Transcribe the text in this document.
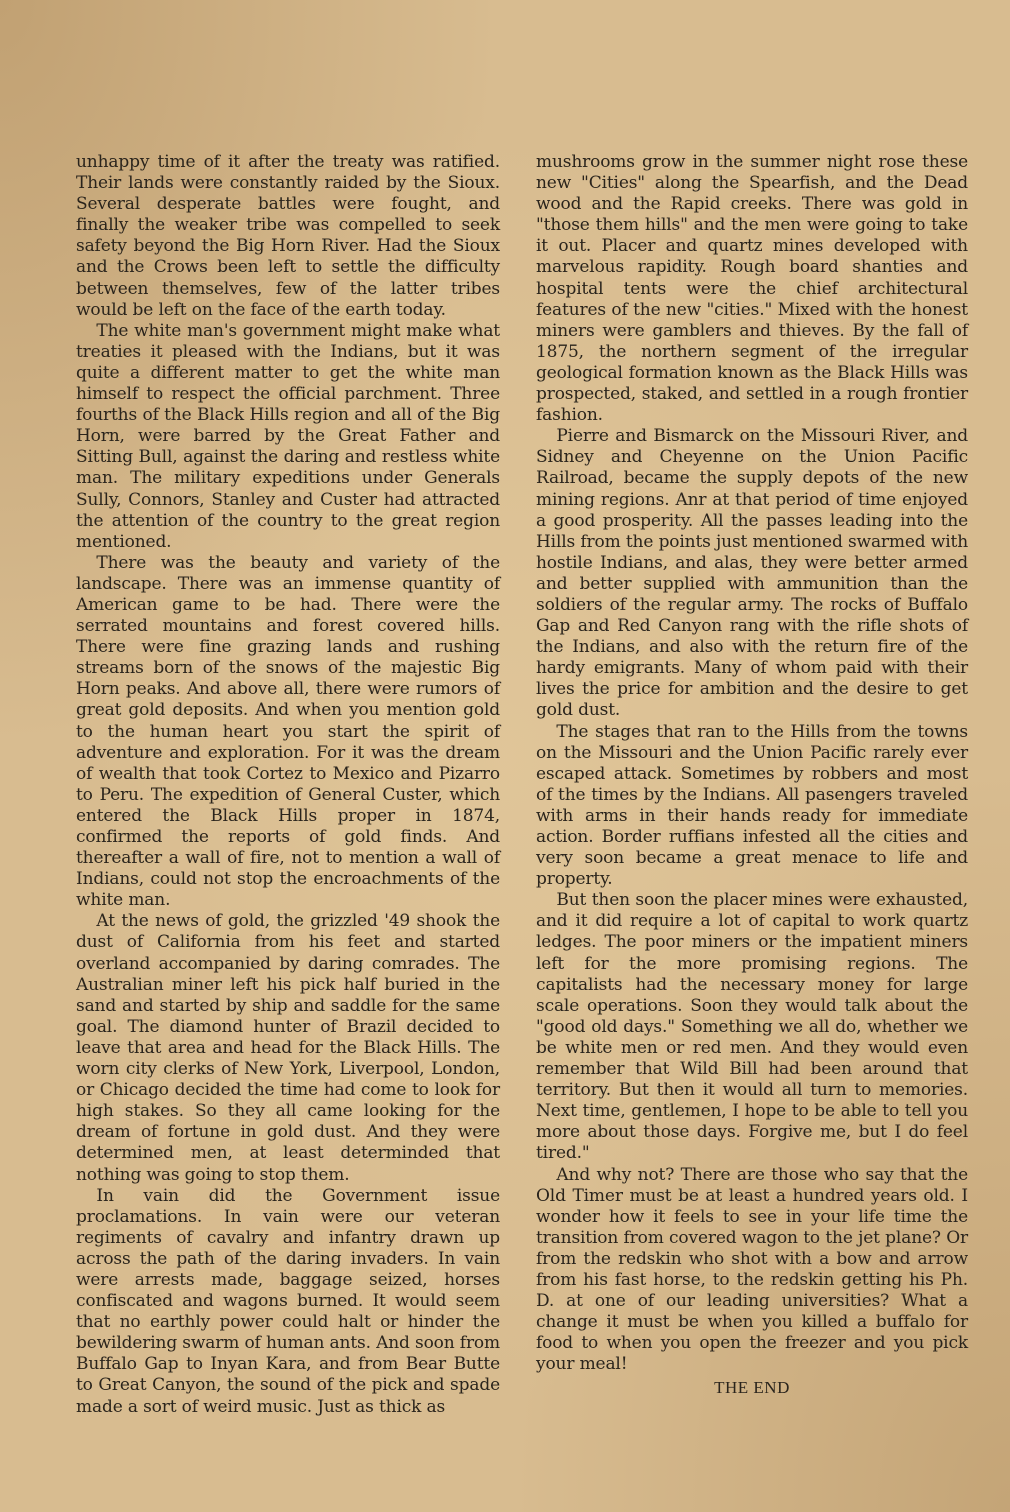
unhappy time of it after the treaty was ratified. Their lands were constantly raided by the Sioux. Several desperate battles were fought, and finally the weaker tribe was compelled to seek safety beyond the Big Horn River. Had the Sioux and the Crows been left to settle the difficulty between themselves, few of the latter tribes would be left on the face of the earth today.

The white man's government might make what treaties it pleased with the Indians, but it was quite a different matter to get the white man himself to respect the official parchment. Three fourths of the Black Hills region and all of the Big Horn, were barred by the Great Father and Sitting Bull, against the daring and restless white man. The military expeditions under Generals Sully, Connors, Stanley and Custer had attracted the attention of the country to the great region mentioned.

There was the beauty and variety of the landscape. There was an immense quantity of American game to be had. There were the serrated mountains and forest covered hills. There were fine grazing lands and rushing streams born of the snows of the majestic Big Horn peaks. And above all, there were rumors of great gold deposits. And when you mention gold to the human heart you start the spirit of adventure and exploration. For it was the dream of wealth that took Cortez to Mexico and Pizarro to Peru. The expedition of General Custer, which entered the Black Hills proper in 1874, confirmed the reports of gold finds. And thereafter a wall of fire, not to mention a wall of Indians, could not stop the encroachments of the white man.

At the news of gold, the grizzled '49 shook the dust of California from his feet and started overland accompanied by daring comrades. The Australian miner left his pick half buried in the sand and started by ship and saddle for the same goal. The diamond hunter of Brazil decided to leave that area and head for the Black Hills. The worn city clerks of New York, Liverpool, London, or Chicago decided the time had come to look for high stakes. So they all came looking for the dream of fortune in gold dust. And they were determined men, at least determinded that nothing was going to stop them.

In vain did the Government issue proclamations. In vain were our veteran regiments of cavalry and infantry drawn up across the path of the daring invaders. In vain were arrests made, baggage seized, horses confiscated and wagons burned. It would seem that no earthly power could halt or hinder the bewildering swarm of human ants. And soon from Buffalo Gap to Inyan Kara, and from Bear Butte to Great Canyon, the sound of the pick and spade made a sort of weird music. Just as thick as

mushrooms grow in the summer night rose these new "Cities" along the Spearfish, and the Dead wood and the Rapid creeks. There was gold in "those them hills" and the men were going to take it out. Placer and quartz mines developed with marvelous rapidity. Rough board shanties and hospital tents were the chief architectural features of the new "cities." Mixed with the honest miners were gamblers and thieves. By the fall of 1875, the northern segment of the irregular geological formation known as the Black Hills was prospected, staked, and settled in a rough frontier fashion.

Pierre and Bismarck on the Missouri River, and Sidney and Cheyenne on the Union Pacific Railroad, became the supply depots of the new mining regions. Anr at that period of time enjoyed a good prosperity. All the passes leading into the Hills from the points just mentioned swarmed with hostile Indians, and alas, they were better armed and better supplied with ammunition than the soldiers of the regular army. The rocks of Buffalo Gap and Red Canyon rang with the rifle shots of the Indians, and also with the return fire of the hardy emigrants. Many of whom paid with their lives the price for ambition and the desire to get gold dust.

The stages that ran to the Hills from the towns on the Missouri and the Union Pacific rarely ever escaped attack. Sometimes by robbers and most of the times by the Indians. All pasengers traveled with arms in their hands ready for immediate action. Border ruffians infested all the cities and very soon became a great menace to life and property.

But then soon the placer mines were exhausted, and it did require a lot of capital to work quartz ledges. The poor miners or the impatient miners left for the more promising regions. The capitalists had the necessary money for large scale operations. Soon they would talk about the "good old days." Something we all do, whether we be white men or red men. And they would even remember that Wild Bill had been around that territory. But then it would all turn to memories. Next time, gentlemen, I hope to be able to tell you more about those days. Forgive me, but I do feel tired."

And why not? There are those who say that the Old Timer must be at least a hundred years old. I wonder how it feels to see in your life time the transition from covered wagon to the jet plane? Or from the redskin who shot with a bow and arrow from his fast horse, to the redskin getting his Ph. D. at one of our leading universities? What a change it must be when you killed a buffalo for food to when you open the freezer and you pick your meal!

THE END
